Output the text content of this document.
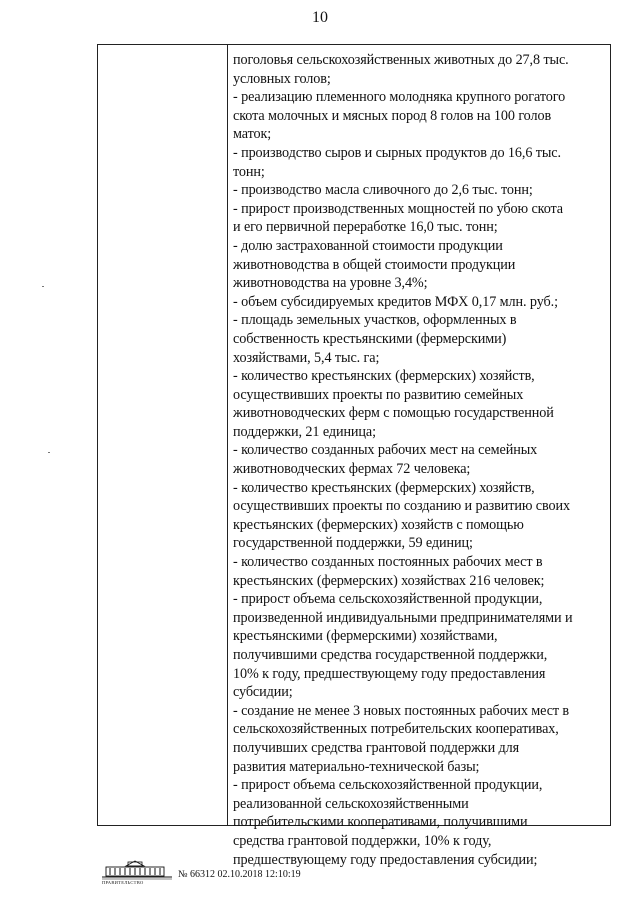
10
поголовья сельскохозяйственных животных до 27,8 тыс.
условных голов;
- реализацию племенного молодняка крупного рогатого
скота молочных и мясных пород 8 голов на 100 голов
маток;
- производство сыров и сырных продуктов до 16,6 тыс.
тонн;
- производство масла сливочного до 2,6 тыс. тонн;
- прирост производственных мощностей по убою скота
и его первичной переработке 16,0 тыс. тонн;
- долю застрахованной стоимости продукции
животноводства в общей стоимости продукции
животноводства на уровне 3,4%;
- объем субсидируемых кредитов МФХ 0,17 млн. руб.;
- площадь земельных участков, оформленных в
собственность крестьянскими (фермерскими)
хозяйствами, 5,4 тыс. га;
- количество крестьянских (фермерских) хозяйств,
осуществивших проекты по развитию семейных
животноводческих ферм с помощью государственной
поддержки, 21 единица;
- количество созданных рабочих мест на семейных
животноводческих фермах 72 человека;
- количество крестьянских (фермерских) хозяйств,
осуществивших проекты по созданию и развитию своих
крестьянских (фермерских) хозяйств с помощью
государственной поддержки, 59 единиц;
- количество созданных постоянных рабочих мест в
крестьянских (фермерских) хозяйствах 216 человек;
- прирост объема сельскохозяйственной продукции,
произведенной индивидуальными предпринимателями и
крестьянскими (фермерскими) хозяйствами,
получившими средства государственной поддержки,
10% к году, предшествующему году предоставления
субсидии;
- создание не менее 3 новых постоянных рабочих мест в
сельскохозяйственных потребительских кооперативах,
получивших средства грантовой поддержки для
развития материально-технической базы;
- прирост объема сельскохозяйственной продукции,
реализованной сельскохозяйственными
потребительскими кооперативами, получившими
средства грантовой поддержки, 10% к году,
предшествующему году предоставления субсидии;
ПРАВИТЕЛЬСТВО
№ 66312 02.10.2018 12:10:19
